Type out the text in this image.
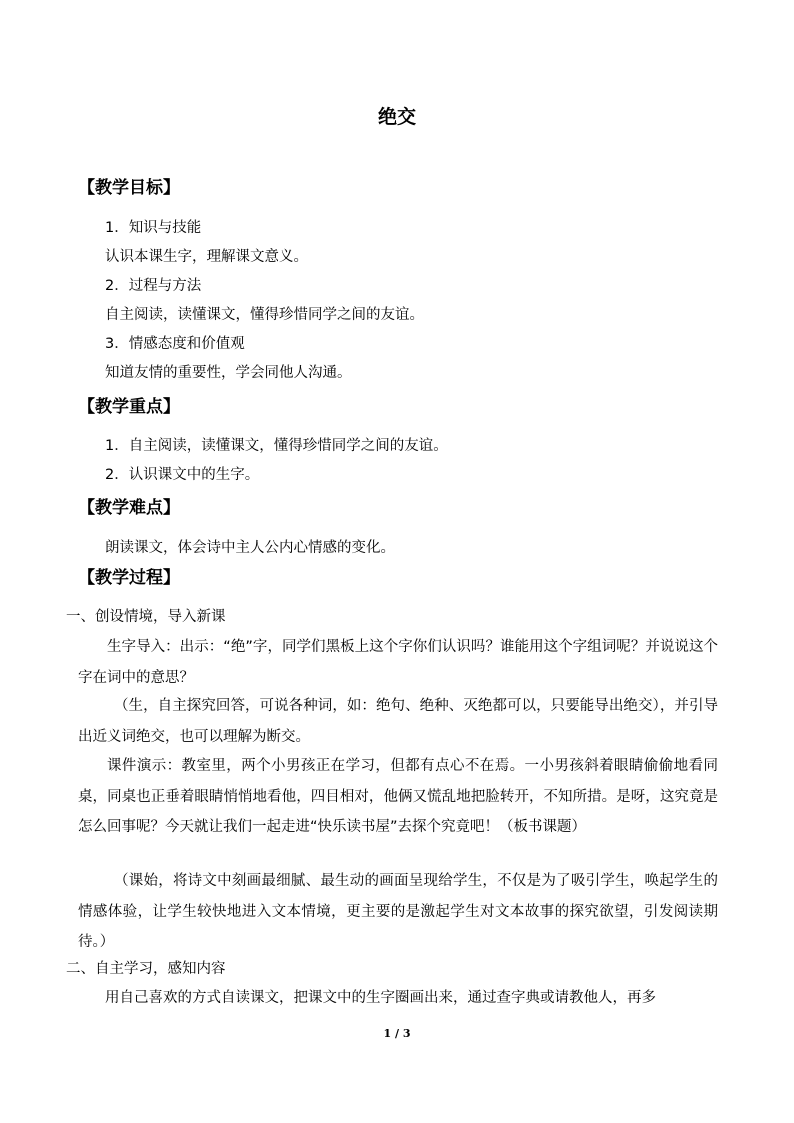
绝交
【教学目标】
1．知识与技能
认识本课生字，理解课文意义。
2．过程与方法
自主阅读，读懂课文，懂得珍惜同学之间的友谊。
3．情感态度和价值观
知道友情的重要性，学会同他人沟通。
【教学重点】
1．自主阅读，读懂课文，懂得珍惜同学之间的友谊。
2．认识课文中的生字。
【教学难点】
朗读课文，体会诗中主人公内心情感的变化。
【教学过程】
一、创设情境，导入新课
生字导入：出示：“绝”字，同学们黑板上这个字你们认识吗？谁能用这个字组词呢？并说说这个字在词中的意思？
（生，自主探究回答，可说各种词，如：绝句、绝种、灭绝都可以，只要能导出绝交），并引导出近义词绝交，也可以理解为断交。
课件演示：教室里，两个小男孩正在学习，但都有点心不在焉。一小男孩斜着眼睛偷偷地看同桌，同桌也正垂着眼睛悄悄地看他，四目相对，他俩又慌乱地把脸转开，不知所措。是呀，这究竟是怎么回事呢？今天就让我们一起走进“快乐读书屋”去探个究竟吧！（板书课题）
（课始，将诗文中刻画最细腻、最生动的画面呈现给学生，不仅是为了吸引学生，唤起学生的情感体验，让学生较快地进入文本情境，更主要的是激起学生对文本故事的探究欲望，引发阅读期待。）
二、自主学习，感知内容
用自己喜欢的方式自读课文，把课文中的生字圈画出来，通过查字典或请教他人，再多
1 / 3
